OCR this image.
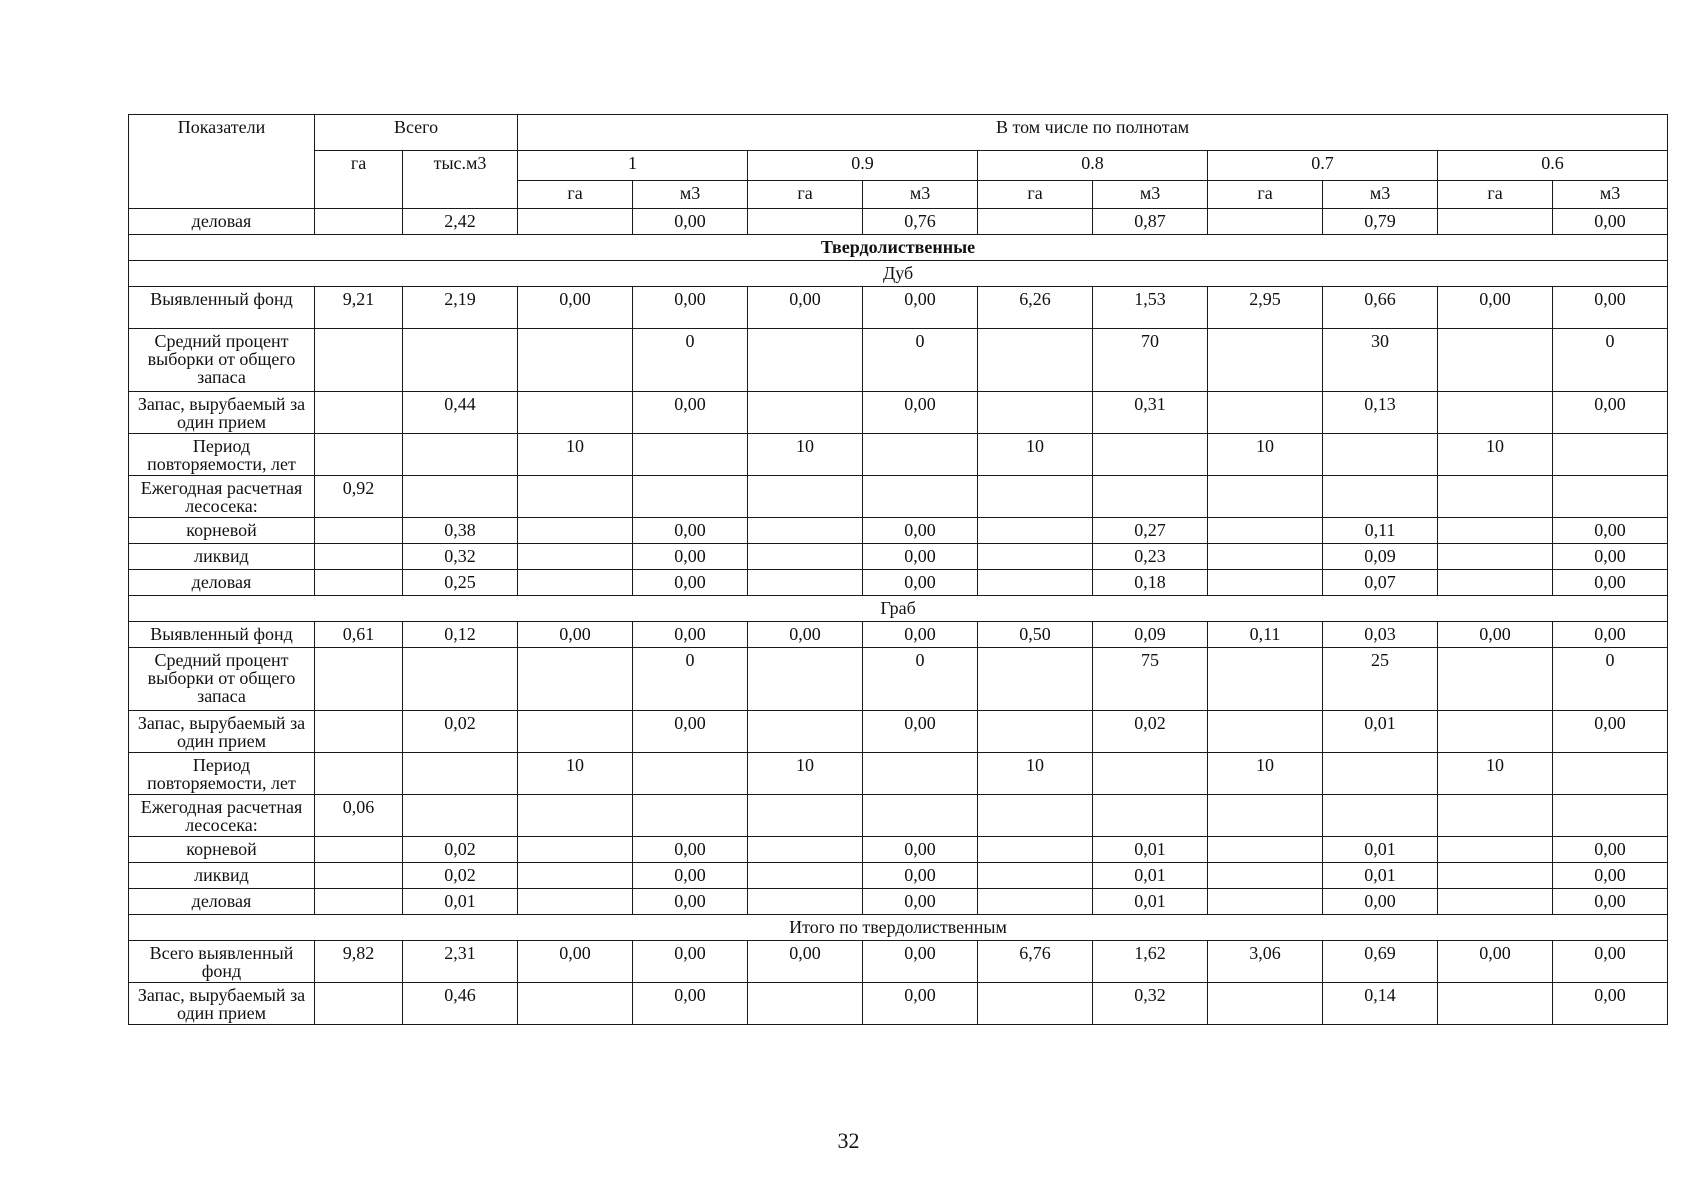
Показатели	Всего		В том числе по полнотам									
	га	тыс.м3	1		0.9		0.8		0.7		0.6	
			га	м3	га	м3	га	м3	га	м3	га	м3
деловая		2,42		0,00		0,76		0,87		0,79		0,00
Твердолиственные												
Дуб												
Выявленный фонд	9,21	2,19	0,00	0,00	0,00	0,00	6,26	1,53	2,95	0,66	0,00	0,00
Средний процент выборки от общего запаса				0		0		70		30		0
Запас, вырубаемый за один прием		0,44		0,00		0,00		0,31		0,13		0,00
Период повторяемости, лет			10		10		10		10		10	
Ежегодная расчетная лесосека:	0,92											
корневой		0,38		0,00		0,00		0,27		0,11		0,00
ликвид		0,32		0,00		0,00		0,23		0,09		0,00
деловая		0,25		0,00		0,00		0,18		0,07		0,00
Граб												
Выявленный фонд	0,61	0,12	0,00	0,00	0,00	0,00	0,50	0,09	0,11	0,03	0,00	0,00
Средний процент выборки от общего запаса				0		0		75		25		0
Запас, вырубаемый за один прием		0,02		0,00		0,00		0,02		0,01		0,00
Период повторяемости, лет			10		10		10		10		10	
Ежегодная расчетная лесосека:	0,06											
корневой		0,02		0,00		0,00		0,01		0,01		0,00
ликвид		0,02		0,00		0,00		0,01		0,01		0,00
деловая		0,01		0,00		0,00		0,01		0,00		0,00
Итого по твердолиственным												
Всего выявленный фонд	9,82	2,31	0,00	0,00	0,00	0,00	6,76	1,62	3,06	0,69	0,00	0,00
Запас, вырубаемый за один прием		0,46		0,00		0,00		0,32		0,14		0,00
32
